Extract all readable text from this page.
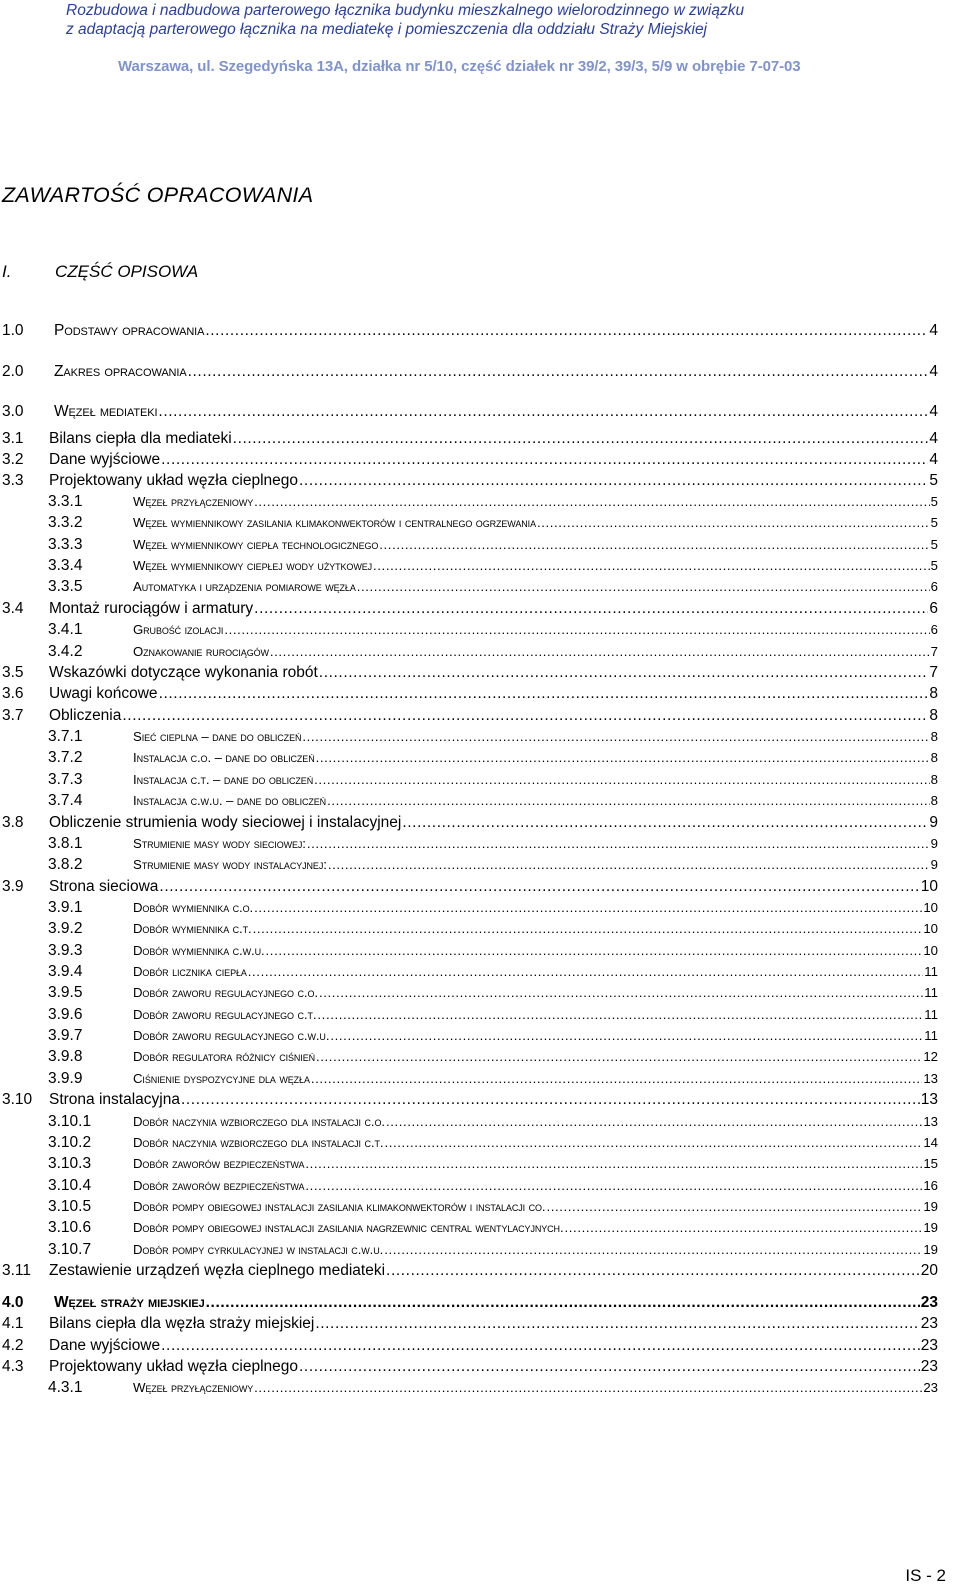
Rozbudowa i nadbudowa parterowego łącznika budynku mieszkalnego wielorodzinnego w związku
z adaptacją parterowego łącznika na mediatekę i pomieszczenia dla oddziału Straży Miejskiej
Warszawa, ul. Szegedyńska 13A, działka nr 5/10, część działek nr 39/2, 39/3, 5/9 w obrębie 7-07-03
ZAWARTOŚĆ OPRACOWANIA
I.	CZĘŚĆ OPISOWA
1.0	Podstawy opracowania .....	4
2.0	Zakres opracowania .....	4
3.0	Węzeł mediateki .....	4
3.1	Bilans ciepła dla mediateki .....	4
3.2	Dane wyjściowe .....	4
3.3	Projektowany układ węzła cieplnego .....	5
3.3.1	Węzeł przyłączeniowy .....	5
3.3.2	Węzeł wymiennikowy zasilania klimakonwektorów i centralnego ogrzewania .....	5
3.3.3	Węzeł wymiennikowy ciepła technologicznego .....	5
3.3.4	Węzeł wymiennikowy ciepłej wody użytkowej .....	5
3.3.5	Automatyka i urządzenia pomiarowe węzła .....	6
3.4	Montaż rurociągów i armatury .....	6
3.4.1	Grubość izolacji .....	6
3.4.2	Oznakowanie rurociągów .....	7
3.5	Wskazówki dotyczące wykonania robót .....	7
3.6	Uwagi końcowe .....	8
3.7	Obliczenia .....	8
3.7.1	Sieć cieplna – dane do obliczeń .....	8
3.7.2	Instalacja c.o. – dane do obliczeń .....	8
3.7.3	Instalacja c.t. – dane do obliczeń .....	8
3.7.4	Instalacja c.w.u. – dane do obliczeń .....	8
3.8	Obliczenie strumienia wody sieciowej i instalacyjnej .....	9
3.8.1	Strumienie masy wody sieciowej: .....	9
3.8.2	Strumienie masy wody instalacyjnej: .....	9
3.9	Strona sieciowa .....	10
3.9.1	Dobór wymiennika c.o. .....	10
3.9.2	Dobór wymiennika c.t. .....	10
3.9.3	Dobór wymiennika c.w.u. .....	10
3.9.4	Dobór licznika ciepła .....	11
3.9.5	Dobór zaworu regulacyjnego c.o. .....	11
3.9.6	Dobór zaworu regulacyjnego c.t. .....	11
3.9.7	Dobór zaworu regulacyjnego c.w.u. .....	11
3.9.8	Dobór regulatora różnicy ciśnień .....	12
3.9.9	Ciśnienie dyspozycyjne dla węzła .....	13
3.10	Strona instalacyjna .....	13
3.10.1	Dobór naczynia wzbiorczego dla instalacji c.o. .....	13
3.10.2	Dobór naczynia wzbiorczego dla instalacji c.t. .....	14
3.10.3	Dobór zaworów bezpieczeństwa .....	15
3.10.4	Dobór zaworów bezpieczeństwa .....	16
3.10.5	Dobór pompy obiegowej instalacji zasilania klimakonwektorów i instalacji co. .....	19
3.10.6	Dobór pompy obiegowej instalacji zasilania nagrzewnic central wentylacyjnych. .....	19
3.10.7	Dobór pompy cyrkulacyjnej w instalacji c.w.u. .....	19
3.11	Zestawienie urządzeń węzła cieplnego mediateki .....	20
4.0	Węzeł straży miejskiej .....	23
4.1	Bilans ciepła dla węzła straży miejskiej .....	23
4.2	Dane wyjściowe .....	23
4.3	Projektowany układ węzła cieplnego .....	23
4.3.1	Węzeł przyłączeniowy .....	23
IS - 2
